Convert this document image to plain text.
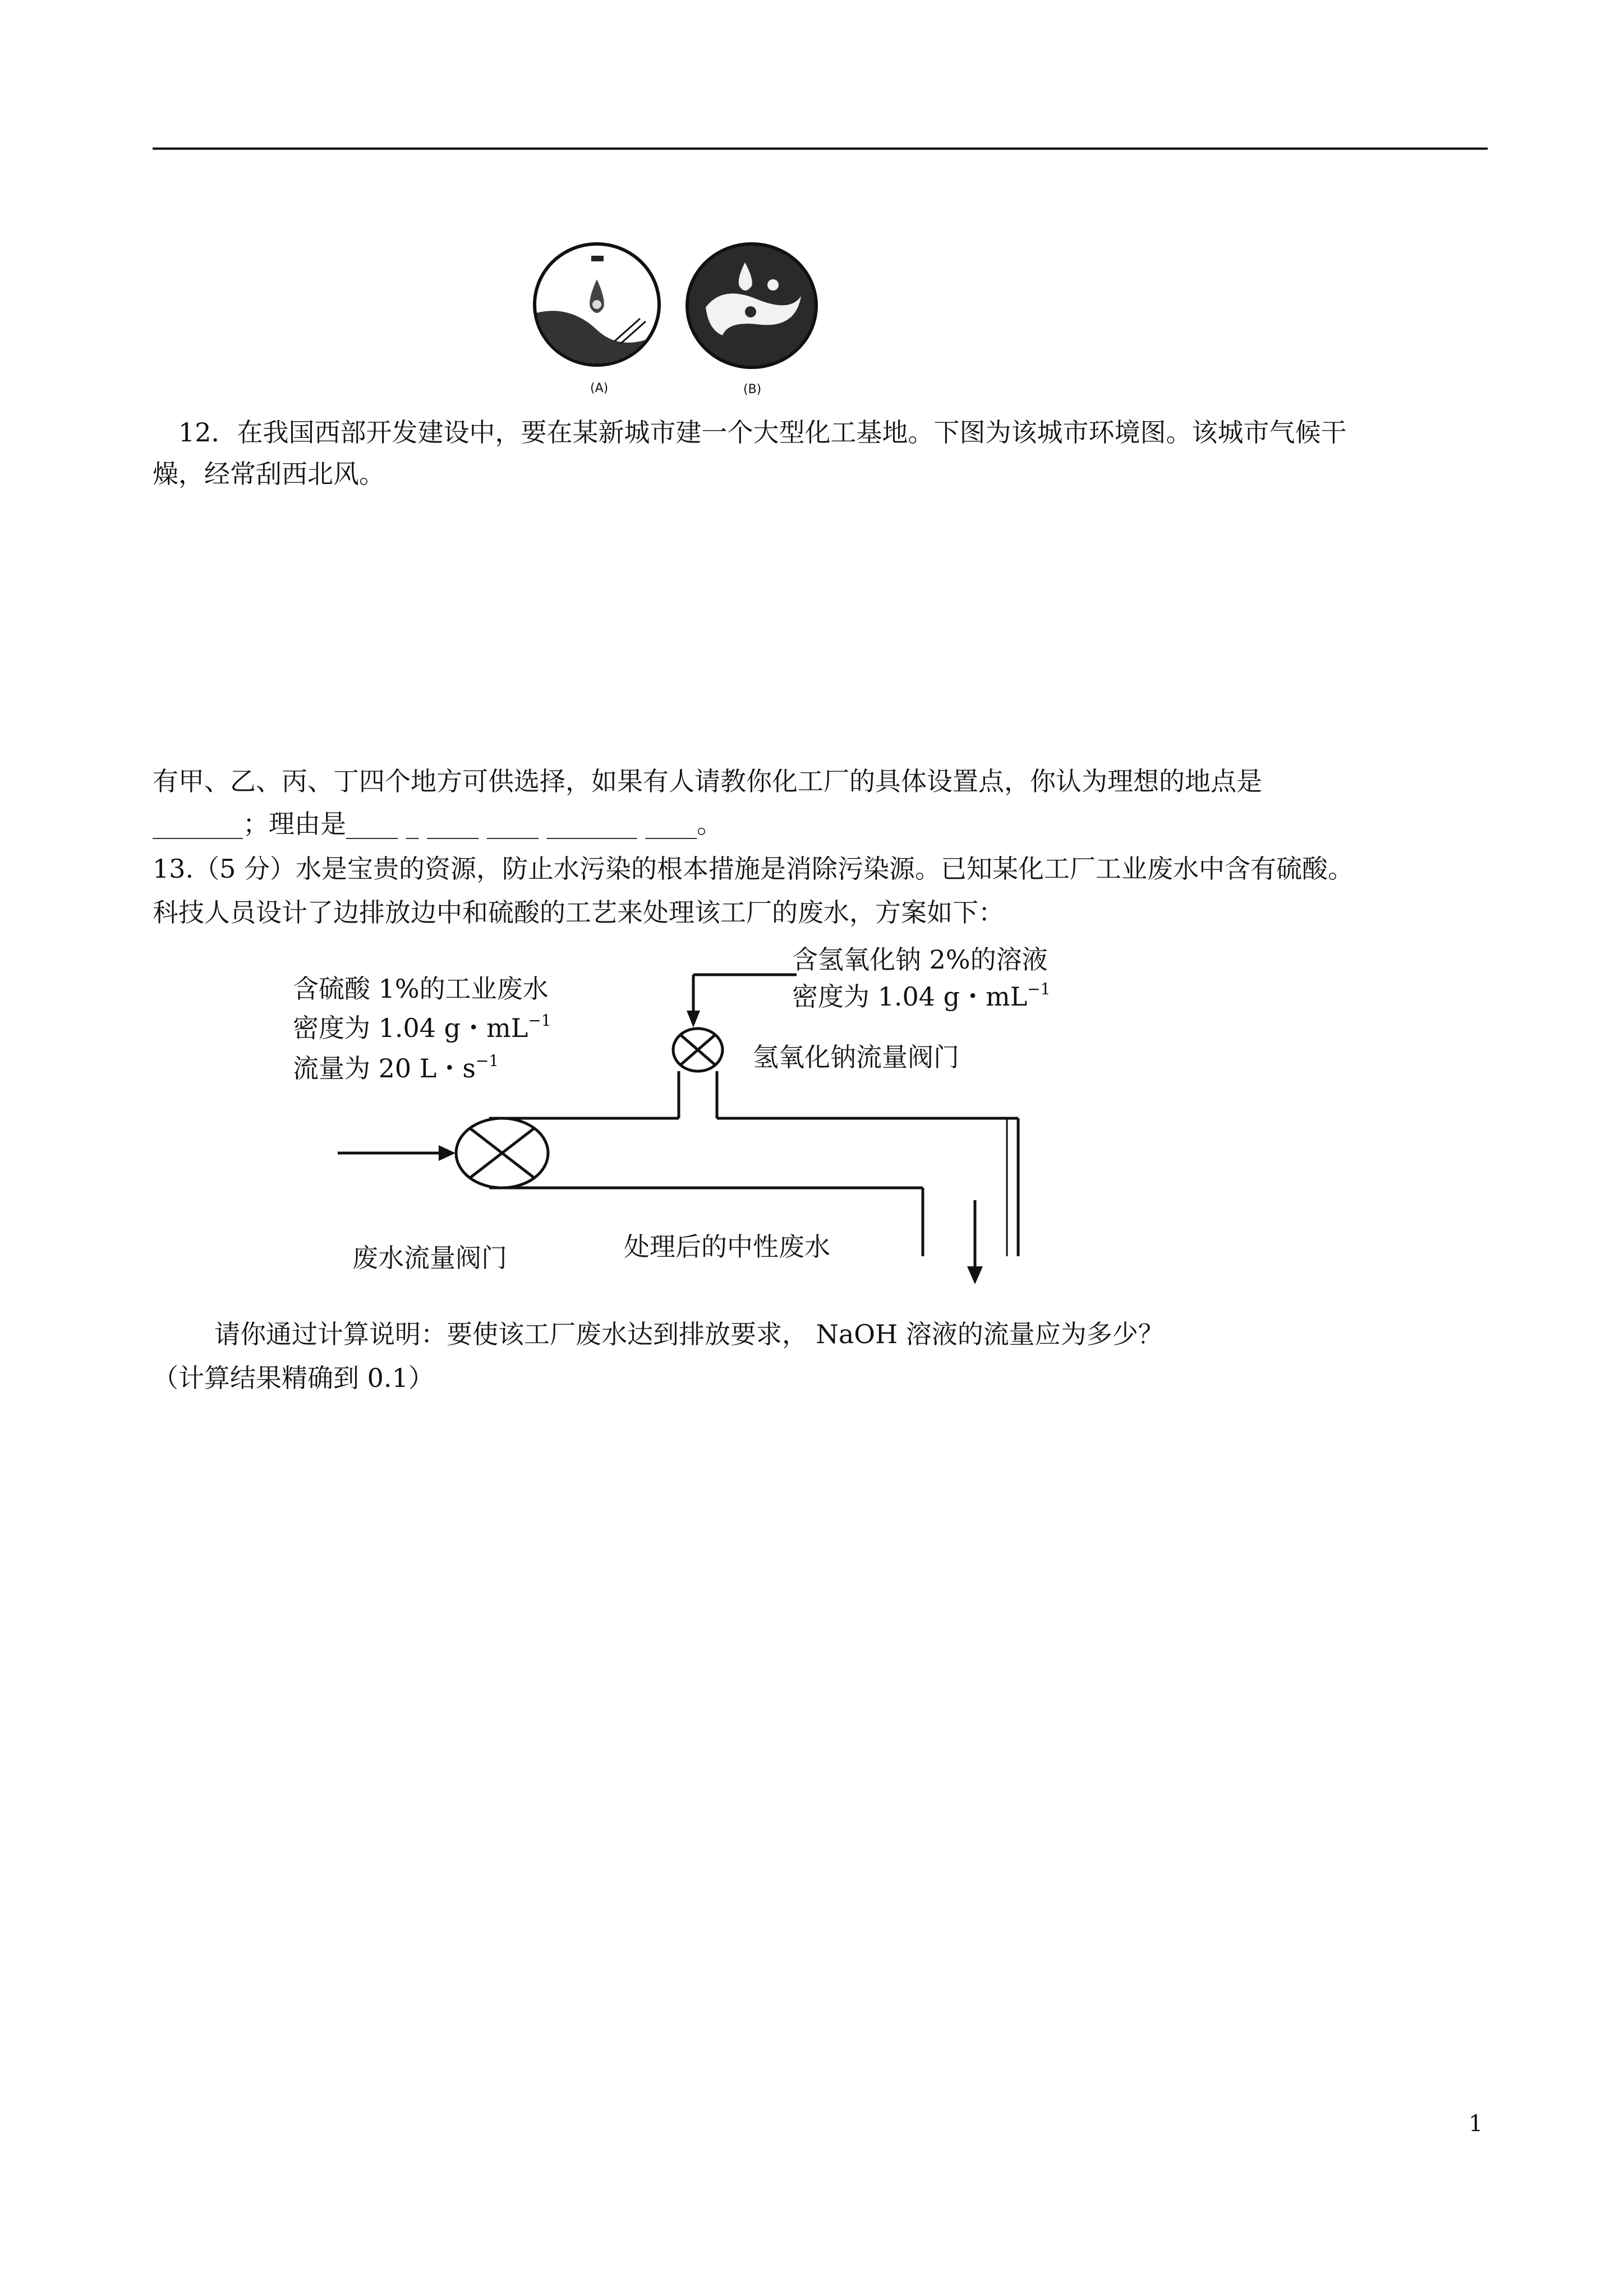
(A)	(B)
12．在我国西部开发建设中，要在某新城市建一个大型化工基地。下图为该城市环境图。该城市气候干
燥，经常刮西北风。
有甲、乙、丙、丁四个地方可供选择，如果有人请教你化工厂的具体设置点，你认为理想的地点是
_______；理由是____ _ ____ ____ _______ ____。
13.（5 分）水是宝贵的资源，防止水污染的根本措施是消除污染源。已知某化工厂工业废水中含有硫酸。
科技人员设计了边排放边中和硫酸的工艺来处理该工厂的废水，方案如下：
含硫酸 1%的工业废水
密度为 1.04 g・$mL^{-1}$
流量为 20 L・$s^{-1}$
含氢氧化钠 2%的溶液
密度为 1.04 g・$mL^{-1}$
氢氧化钠流量阀门
废水流量阀门	处理后的中性废水
请你通过计算说明：要使该工厂废水达到排放要求， NaOH 溶液的流量应为多少？
（计算结果精确到 0.1）
1
